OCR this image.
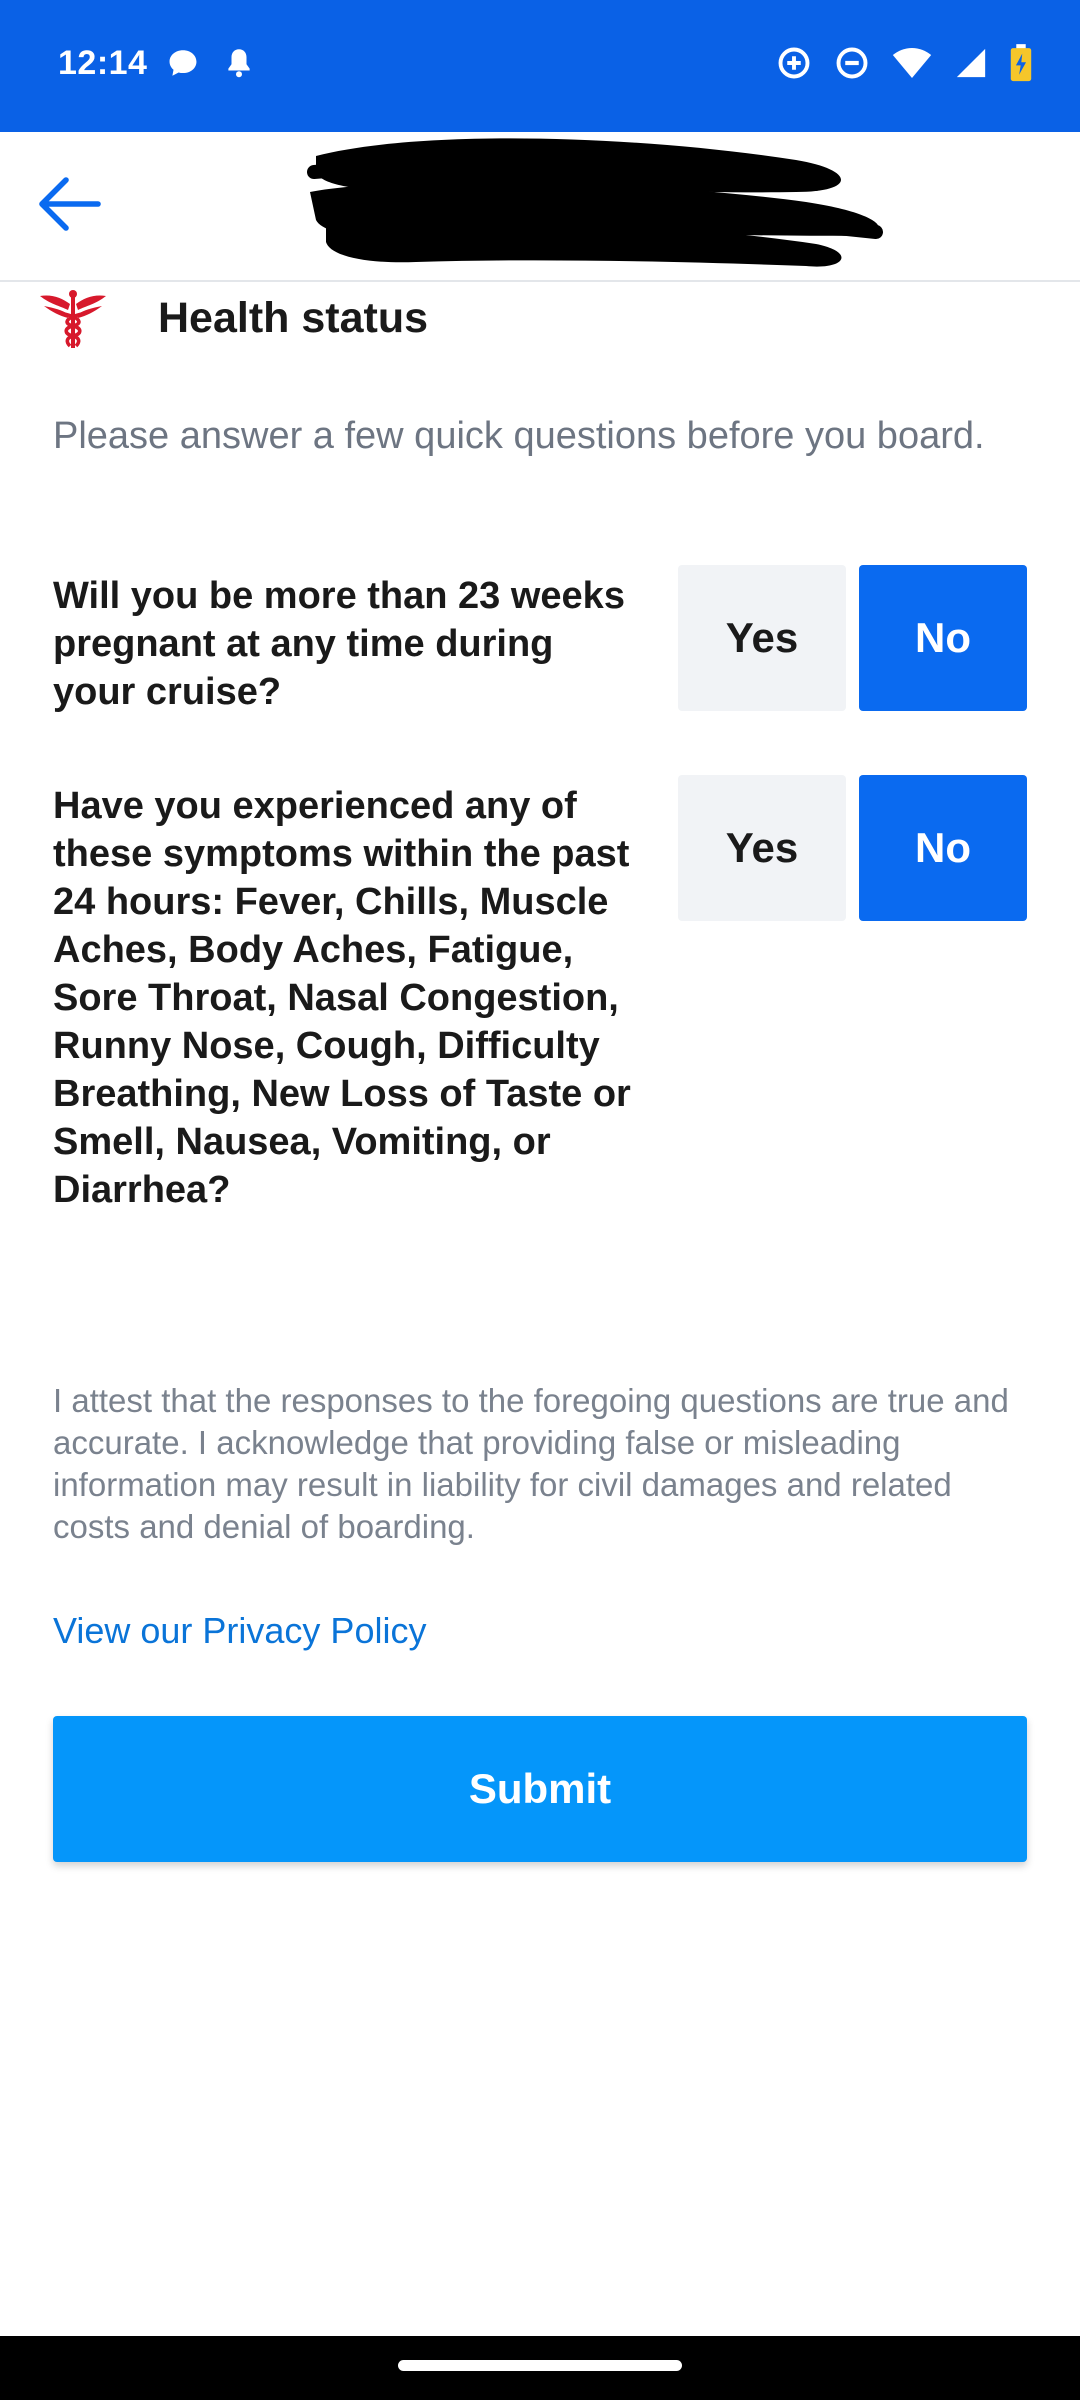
12:14
Health status
Please answer a few quick questions before you board.
Will you be more than 23 weeks pregnant at any time during your cruise?
Yes	No
Have you experienced any of these symptoms within the past 24 hours: Fever, Chills, Muscle Aches, Body Aches, Fatigue, Sore Throat, Nasal Congestion, Runny Nose, Cough, Difficulty Breathing, New Loss of Taste or Smell, Nausea, Vomiting, or Diarrhea?
Yes	No
I attest that the responses to the foregoing questions are true and accurate. I acknowledge that providing false or misleading information may result in liability for civil damages and related costs and denial of boarding.
View our Privacy Policy
Submit
